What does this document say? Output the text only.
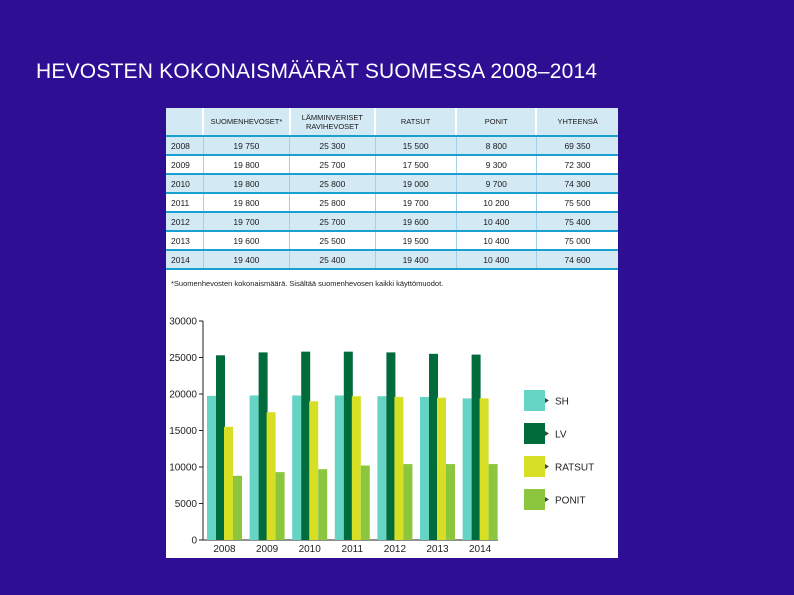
HEVOSTEN KOKONAISMÄÄRÄT SUOMESSA 2008–2014
	SUOMENHEVOSET*	LÄMMINVERISET RAVIHEVOSET	RATSUT	PONIT	YHTEENSÄ
2008	19 750	25 300	15 500	8 800	69 350
2009	19 800	25 700	17 500	9 300	72 300
2010	19 800	25 800	19 000	9 700	74 300
2011	19 800	25 800	19 700	10 200	75 500
2012	19 700	25 700	19 600	10 400	75 400
2013	19 600	25 500	19 500	10 400	75 000
2014	19 400	25 400	19 400	10 400	74 600
*Suomenhevosten kokonaismäärä. Sisältää suomenhevosen kaikki käyttömuodot.
0
5000
10000
15000
20000
25000
30000
2008 2009 2010 2011 2012 2013 2014
SH
LV
RATSUT
PONIT
